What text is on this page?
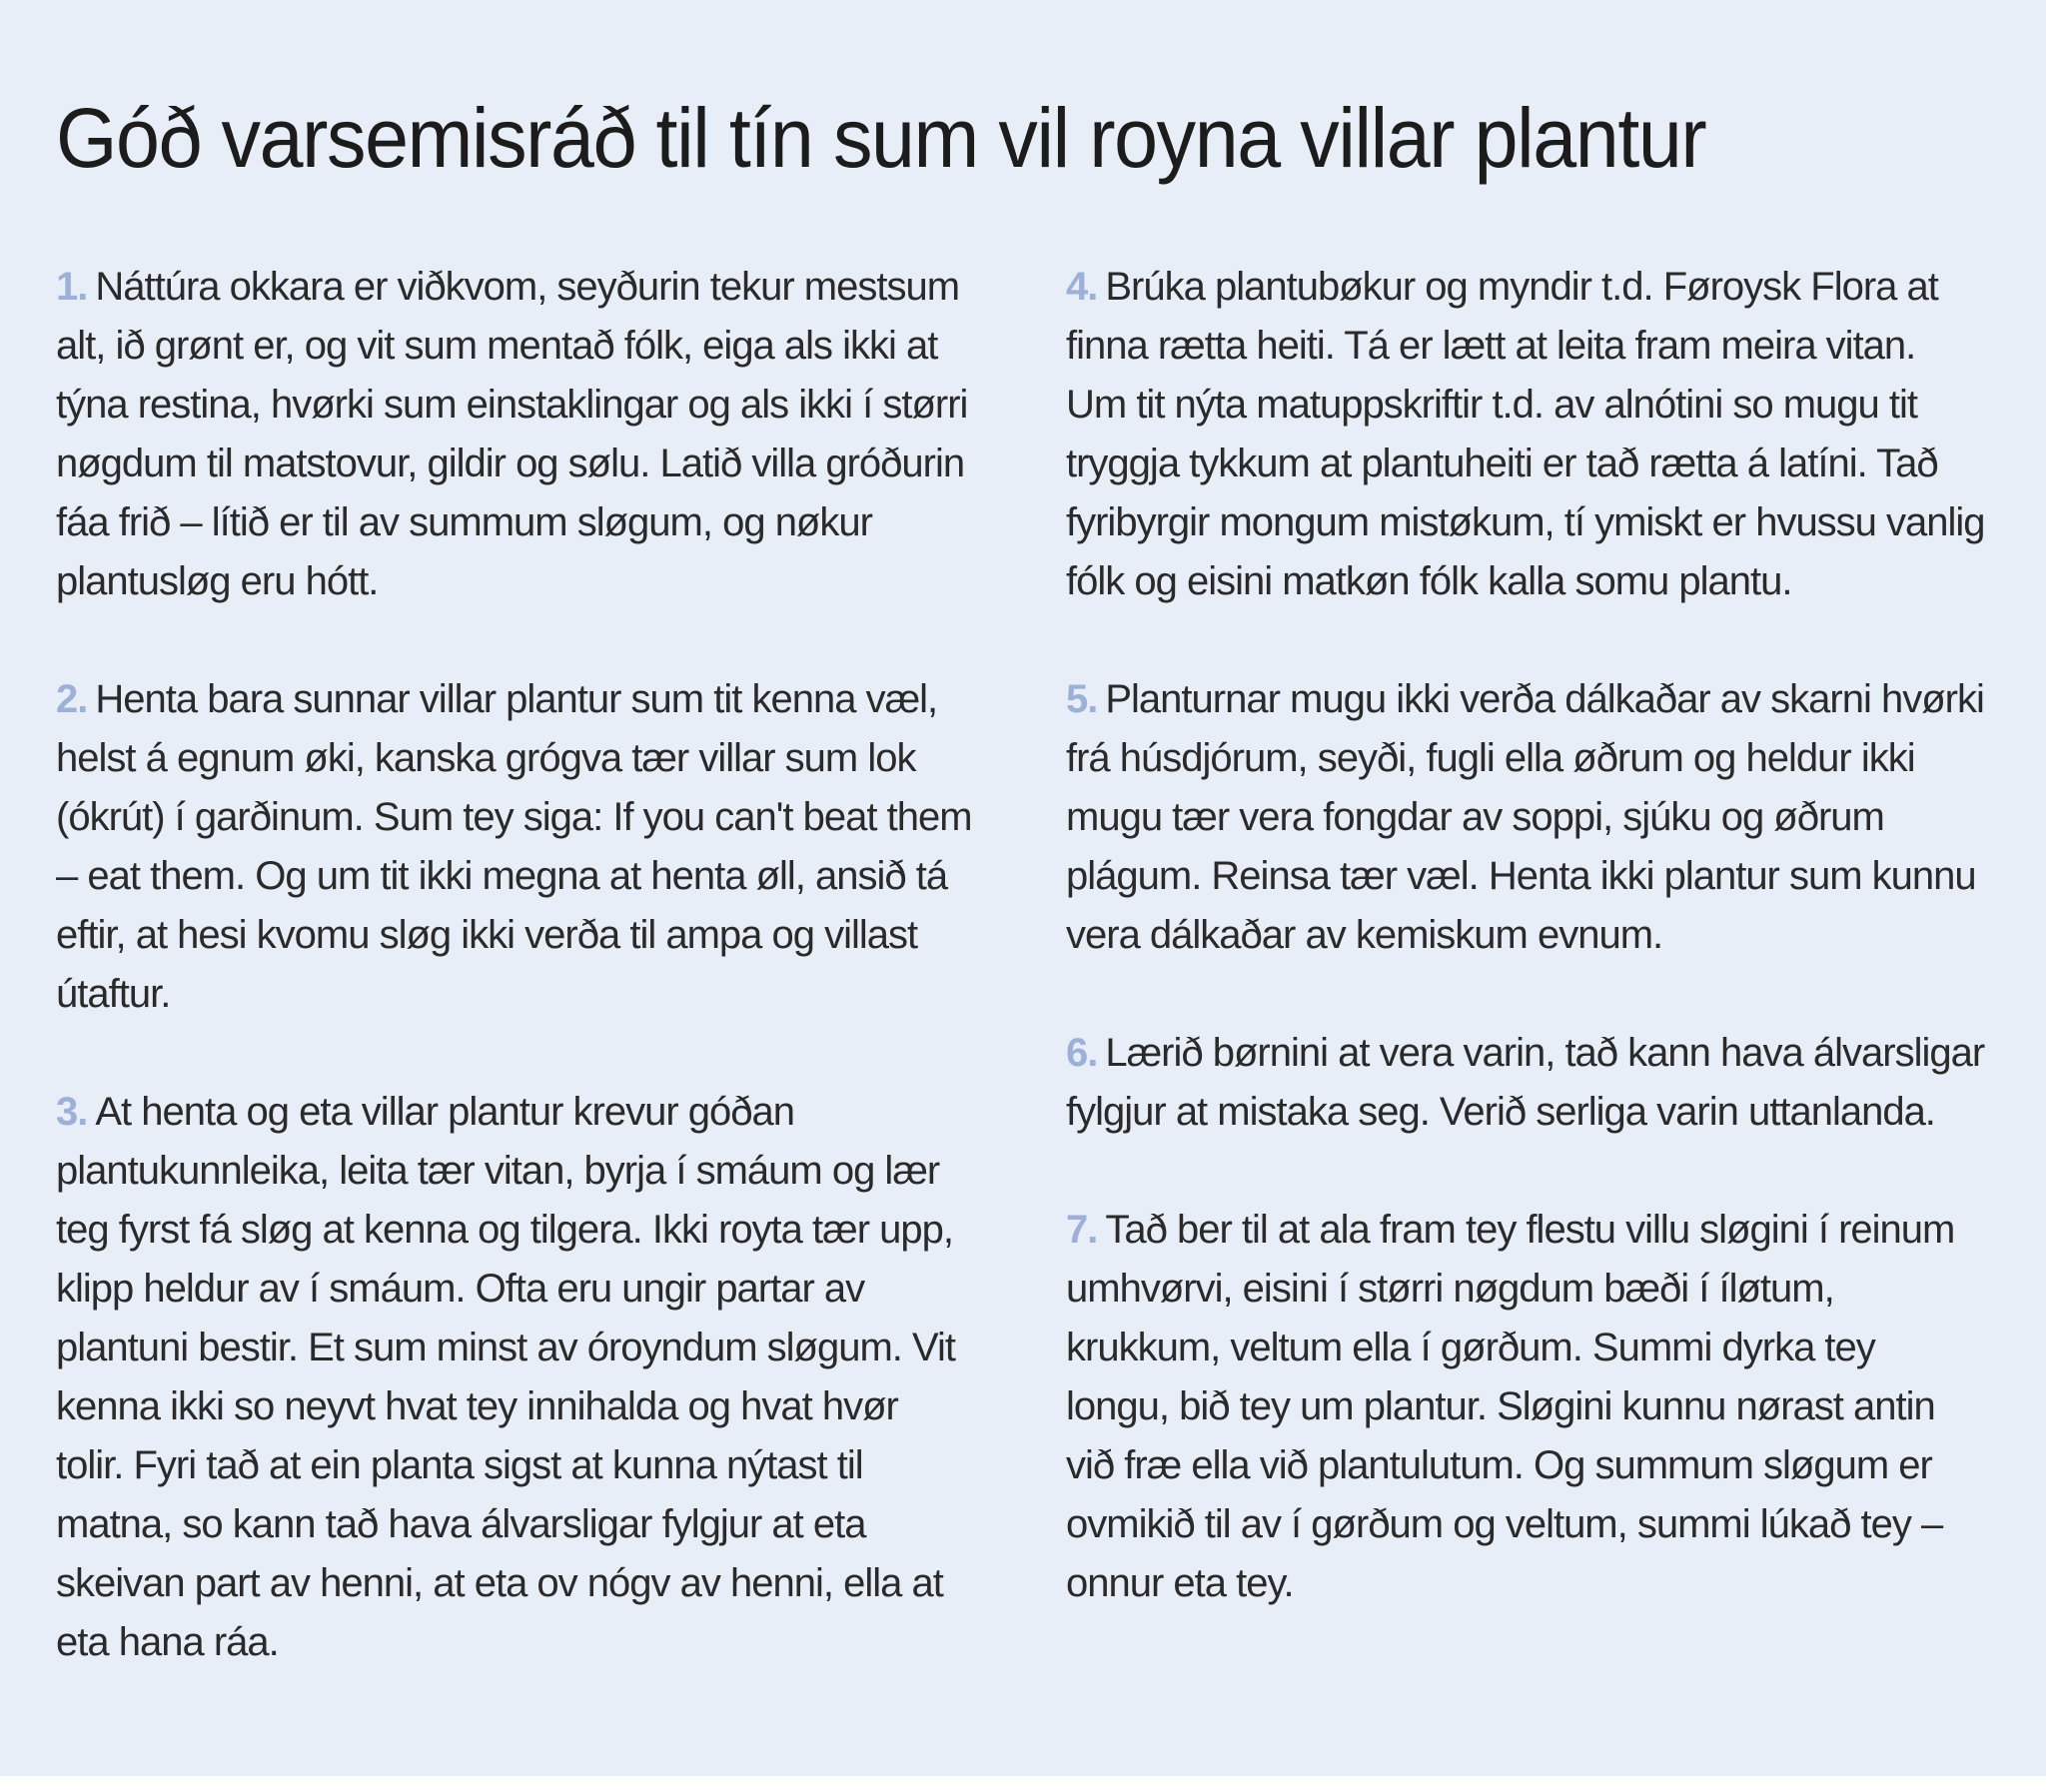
Góð varsemisráð til tín sum vil royna villar plantur

1. Náttúra okkara er viðkvom, seyðurin tekur mestsum alt, ið grønt er, og vit sum mentað fólk, eiga als ikki at týna restina, hvørki sum einstaklingar og als ikki í størri nøgdum til matstovur, gildir og sølu. Latið villa gróðurin fáa frið – lítið er til av summum sløgum, og nøkur plantusløg eru hótt.

2. Henta bara sunnar villar plantur sum tit kenna væl, helst á egnum øki, kanska grógva tær villar sum lok (ókrút) í garðinum. Sum tey siga: If you can't beat them – eat them. Og um tit ikki megna at henta øll, ansið tá eftir, at hesi kvomu sløg ikki verða til ampa og villast útaftur.

3. At henta og eta villar plantur krevur góðan plantukunnleika, leita tær vitan, byrja í smáum og lær teg fyrst fá sløg at kenna og tilgera. Ikki royta tær upp, klipp heldur av í smáum. Ofta eru ungir partar av plantuni bestir. Et sum minst av óroyndum sløgum. Vit kenna ikki so neyvt hvat tey innihalda og hvat hvør tolir. Fyri tað at ein planta sigst at kunna nýtast til matna, so kann tað hava álvarsligar fylgjur at eta skeivan part av henni, at eta ov nógv av henni, ella at eta hana ráa.

4. Brúka plantubøkur og myndir t.d. Føroysk Flora at finna rætta heiti. Tá er lætt at leita fram meira vitan. Um tit nýta matuppskriftir t.d. av alnótini so mugu tit tryggja tykkum at plantuheiti er tað rætta á latíni. Tað fyribyrgir mongum mistøkum, tí ymiskt er hvussu vanlig fólk og eisini matkøn fólk kalla somu plantu.

5. Planturnar mugu ikki verða dálkaðar av skarni hvørki frá húsdjórum, seyði, fugli ella øðrum og heldur ikki mugu tær vera fongdar av soppi, sjúku og øðrum plágum. Reinsa tær væl. Henta ikki plantur sum kunnu vera dálkaðar av kemiskum evnum.

6. Lærið børnini at vera varin, tað kann hava álvarsligar fylgjur at mistaka seg. Verið serliga varin uttanlanda.

7. Tað ber til at ala fram tey flestu villu sløgini í reinum umhvørvi, eisini í størri nøgdum bæði í íløtum, krukkum, veltum ella í gørðum. Summi dyrka tey longu, bið tey um plantur. Sløgini kunnu nørast antin við fræ ella við plantulutum. Og summum sløgum er ovmikið til av í gørðum og veltum, summi lúkað tey – onnur eta tey.
